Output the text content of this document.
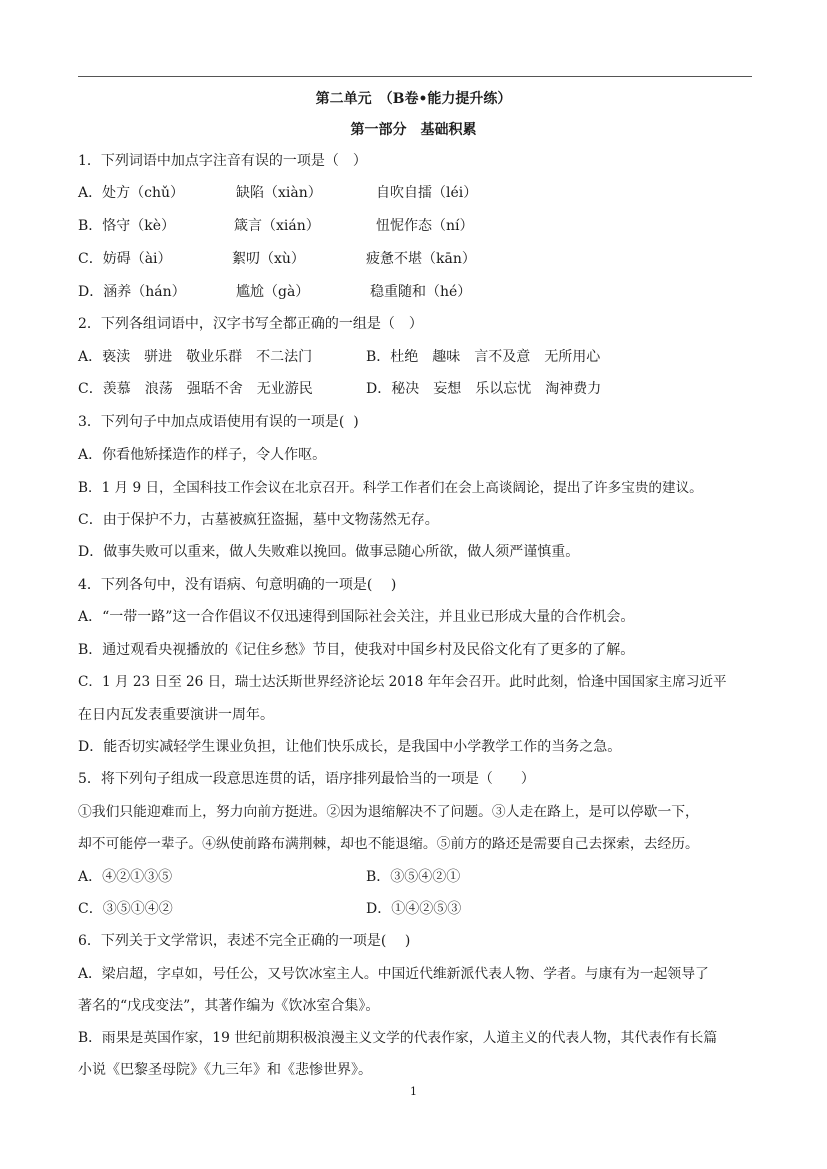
第二单元　（B卷•能力提升练）
第一部分　基础积累
1．下列词语中加点字注音有误的一项是（　）
A．处方（chǔ）	缺陷（xiàn）	自吹自擂（léi）
B．恪守（kè）	箴言（xián）	忸怩作态（ní）
C．妨碍（ài）	絮叨（xù）	疲惫不堪（kān）
D．涵养（hán）	尴尬（gà）	稳重随和（hé）
2．下列各组词语中，汉字书写全都正确的一组是（　）
A．亵渎　骈进　敬业乐群　不二法门	B．杜绝　趣味　言不及意　无所用心
C．羡慕　浪荡　强聒不舍　无业游民	D．秘决　妄想　乐以忘忧　淘神费力
3．下列句子中加点成语使用有误的一项是(  )
A．你看他矫揉造作的样子，令人作呕。
B．1 月 9 日，全国科技工作会议在北京召开。科学工作者们在会上高谈阔论，提出了许多宝贵的建议。
C．由于保护不力，古墓被疯狂盗掘，墓中文物荡然无存。
D．做事失败可以重来，做人失败难以挽回。做事忌随心所欲，做人须严谨慎重。
4．下列各句中，没有语病、句意明确的一项是(　 )
A．“一带一路”这一合作倡议不仅迅速得到国际社会关注，并且业已形成大量的合作机会。
B．通过观看央视播放的《记住乡愁》节目，使我对中国乡村及民俗文化有了更多的了解。
C．1 月 23 日至 26 日，瑞士达沃斯世界经济论坛 2018 年年会召开。此时此刻，恰逢中国国家主席习近平
在日内瓦发表重要演讲一周年。
D．能否切实减轻学生课业负担，让他们快乐成长，是我国中小学教学工作的当务之急。
5．将下列句子组成一段意思连贯的话，语序排列最恰当的一项是（　　）
①我们只能迎难而上，努力向前方挺进。②因为退缩解决不了问题。③人走在路上，是可以停歇一下，
却不可能停一辈子。④纵使前路布满荆棘，却也不能退缩。⑤前方的路还是需要自己去探索，去经历。
A．④②①③⑤	B．③⑤④②①
C．③⑤①④②	D．①④②⑤③
6．下列关于文学常识，表述不完全正确的一项是(　 )
A．梁启超，字卓如，号任公，又号饮冰室主人。中国近代维新派代表人物、学者。与康有为一起领导了
著名的“戊戌变法”，其著作编为《饮冰室合集》。
B．雨果是英国作家，19 世纪前期积极浪漫主义文学的代表作家，人道主义的代表人物，其代表作有长篇
小说《巴黎圣母院》《九三年》和《悲惨世界》。
1
